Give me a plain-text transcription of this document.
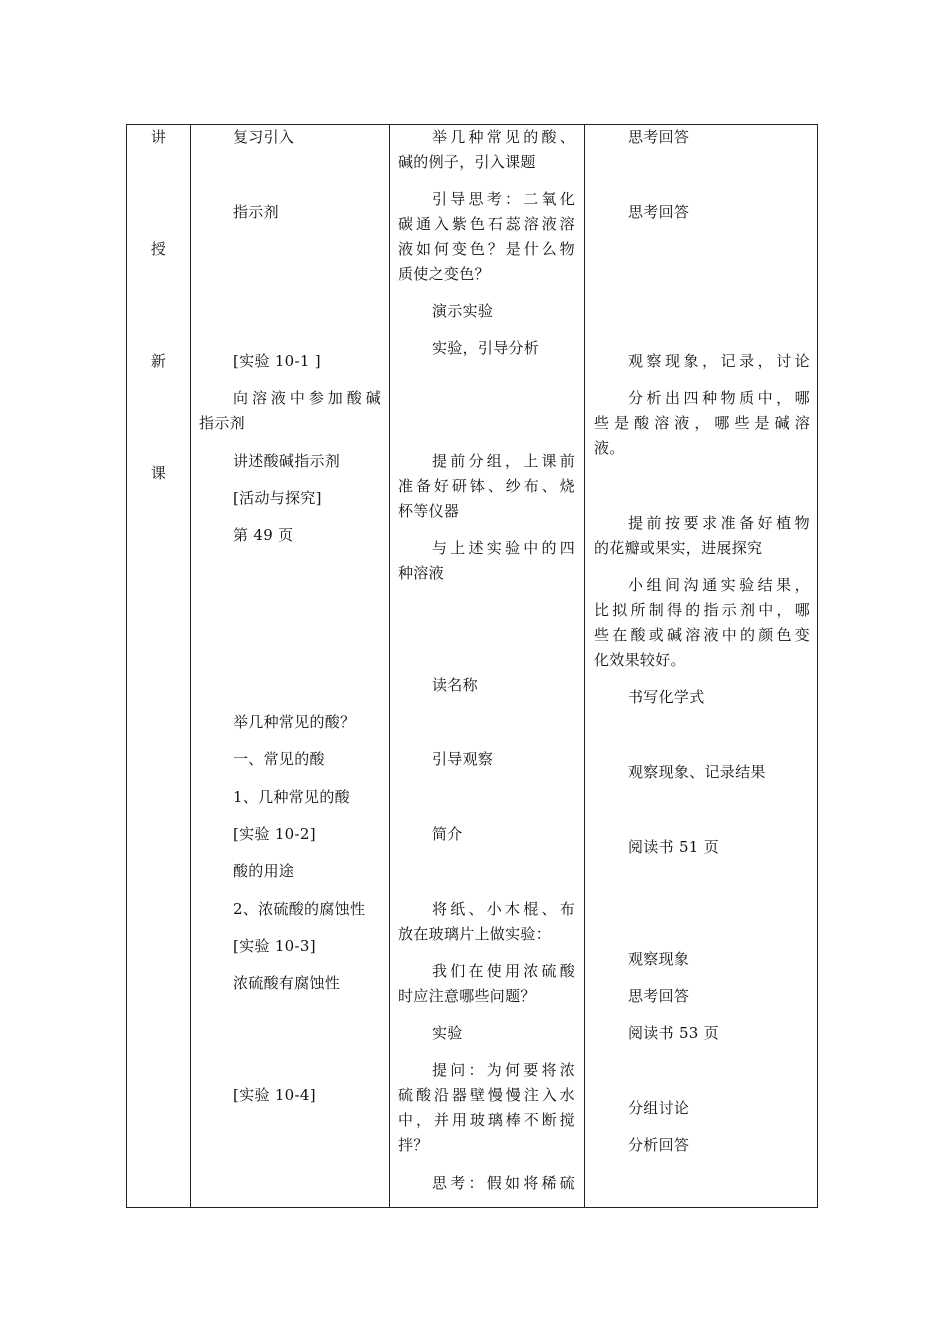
讲
授
新
课
复习引入
指示剂
[实验 10-1 ]
向溶液中参加酸碱
指示剂
讲述酸碱指示剂
[活动与探究]
第 49 页
举几种常见的酸？
一、常见的酸
1、几种常见的酸
[实验 10-2]
酸的用途
2、浓硫酸的腐蚀性
[实验 10-3]
浓硫酸有腐蚀性
[实验 10-4]
举几种常见的酸、
碱的例子，引入课题
引导思考：二氧化
碳通入紫色石蕊溶液溶
液如何变色？是什么物
质使之变色？
演示实验
实验，引导分析
提前分组，上课前
准备好研钵、纱布、烧
杯等仪器
与上述实验中的四
种溶液
读名称
引导观察
简介
将纸、小木棍、布
放在玻璃片上做实验：
我们在使用浓硫酸
时应注意哪些问题？
实验
提问：为何要将浓
硫酸沿器壁慢慢注入水
中，并用玻璃棒不断搅
拌？
思考：假如将稀硫
思考回答
思考回答
观察现象，记录，讨论
分析出四种物质中，哪
些是酸溶液，哪些是碱溶
液。
提前按要求准备好植物
的花瓣或果实，进展探究
小组间沟通实验结果，
比拟所制得的指示剂中，哪
些在酸或碱溶液中的颜色变
化效果较好。
书写化学式
观察现象、记录结果
阅读书 51 页
观察现象
思考回答
阅读书 53 页
分组讨论
分析回答
